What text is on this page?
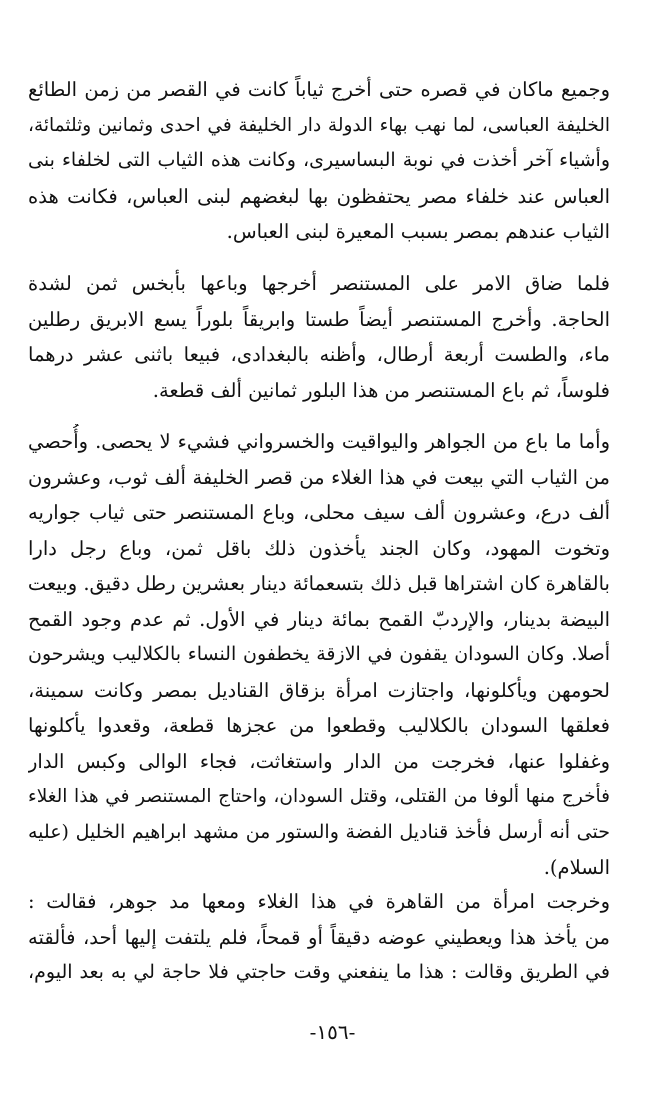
وجميع ماكان في قصره حتى أخرج ثياباً كانت في القصر من زمن الطائع
الخليفة العباسى، لما نهب بهاء الدولة دار الخليفة في احدى وثمانين وثلثمائة،
وأشياء آخر أخذت في نوبة البساسيرى، وكانت هذه الثياب التى لخلفاء بنى
العباس عند خلفاء مصر يحتفظون بها لبغضهم لبنى العباس، فكانت هذه
الثياب عندهم بمصر بسبب المعيرة لبنى العباس.
فلما ضاق الامر على المستنصر أخرجها وباعها بأبخس ثمن لشدة
الحاجة. وأخرج المستنصر أيضاً طستا وابريقاً بلوراً يسع الابريق رطلين
ماء، والطست أربعة أرطال، وأظنه بالبغدادى، فبيعا باثنى عشر درهما
فلوساً، ثم باع المستنصر من هذا البلور ثمانين ألف قطعة.
وأما ما باع من الجواهر واليواقيت والخسرواني فشيء لا يحصى. وأُحصي
من الثياب التي بيعت في هذا الغلاء من قصر الخليفة ألف ثوب، وعشرون
ألف درع، وعشرون ألف سيف محلى، وباع المستنصر حتى ثياب جواريه
وتخوت المهود، وكان الجند يأخذون ذلك باقل ثمن، وباع رجل دارا
بالقاهرة كان اشتراها قبل ذلك بتسعمائة دينار بعشرين رطل دقيق. وبيعت
البيضة بدينار، والإردبّ القمح بمائة دينار في الأول. ثم عدم وجود القمح
أصلا. وكان السودان يقفون في الازقة يخطفون النساء بالكلاليب ويشرحون
لحومهن ويأكلونها، واجتازت امرأة بزقاق القناديل بمصر وكانت سمينة،
فعلقها السودان بالكلاليب وقطعوا من عجزها قطعة، وقعدوا يأكلونها
وغفلوا عنها، فخرجت من الدار واستغاثت، فجاء الوالى وكبس الدار
فأخرج منها ألوفا من القتلى، وقتل السودان، واحتاج المستنصر في هذا الغلاء
حتى أنه أرسل فأخذ قناديل الفضة والستور من مشهد ابراهيم الخليل (عليه
السلام).
وخرجت امرأة من القاهرة في هذا الغلاء ومعها مد جوهر، فقالت :
من يأخذ هذا ويعطيني عوضه دقيقاً أو قمحاً، فلم يلتفت إليها أحد، فألقته
في الطريق وقالت : هذا ما ينفعني وقت حاجتي فلا حاجة لي به بعد اليوم،
-١٥٦-
